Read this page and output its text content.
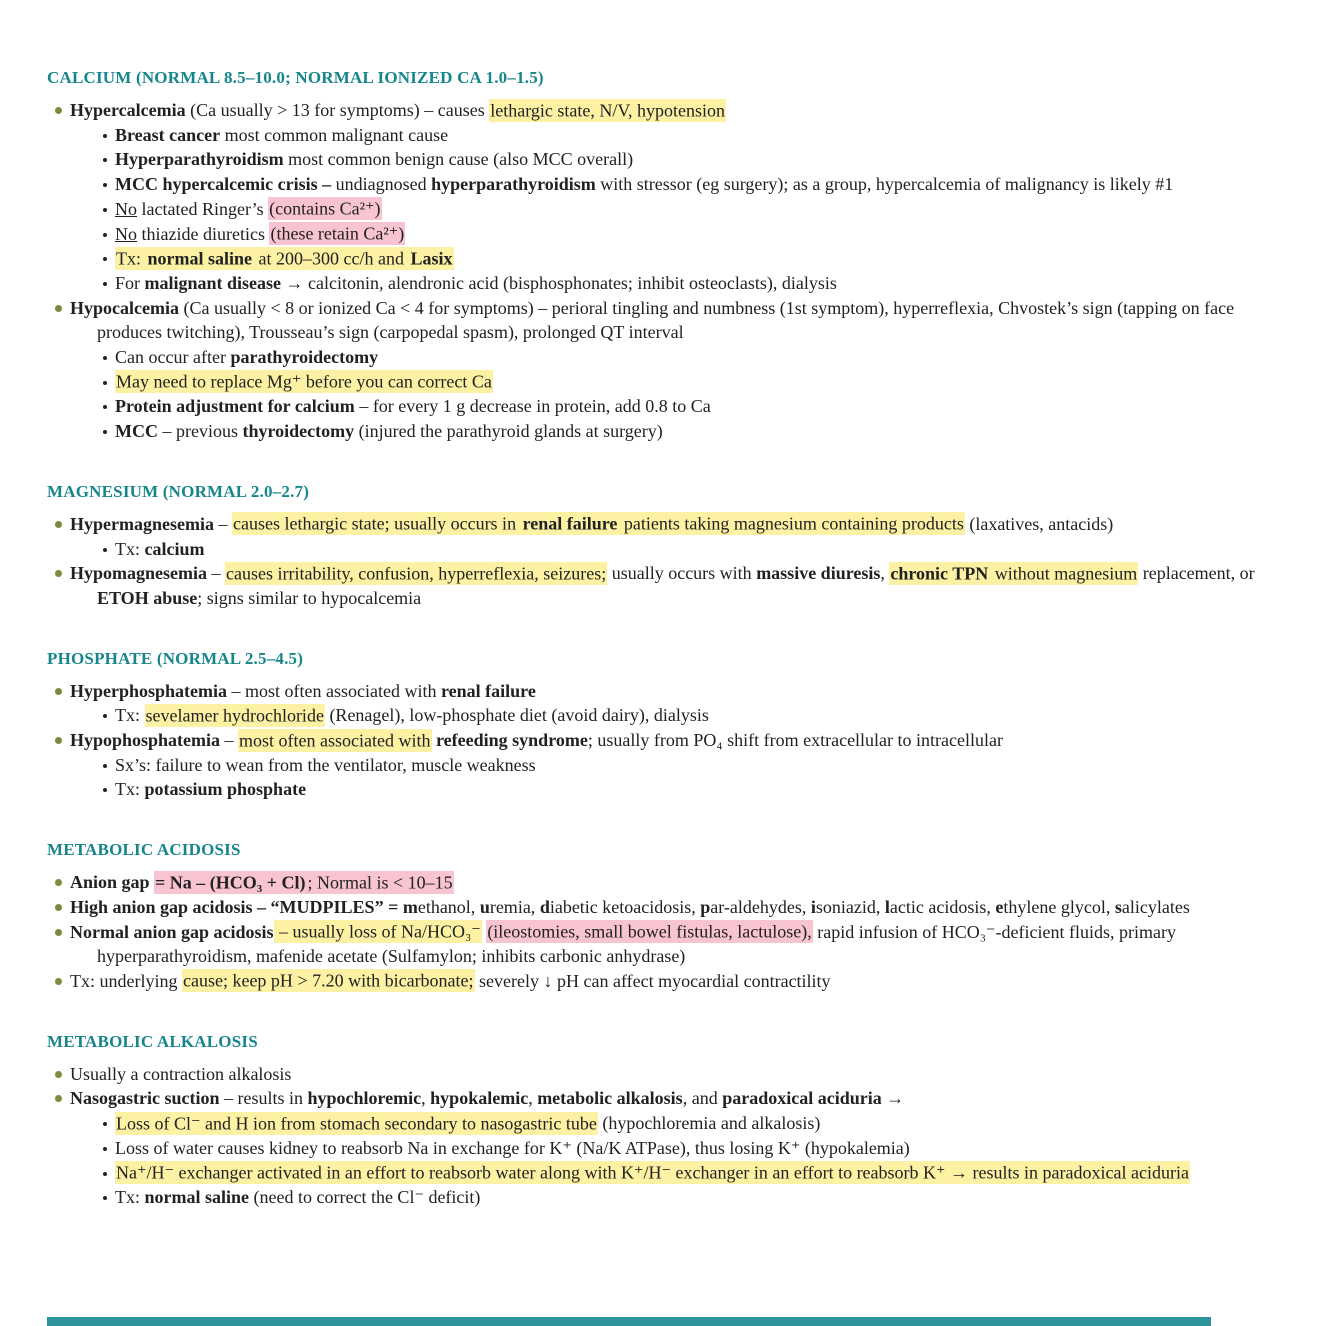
CALCIUM (NORMAL 8.5–10.0; NORMAL IONIZED CA 1.0–1.5)
Hypercalcemia (Ca usually > 13 for symptoms) – causes lethargic state, N/V, hypotension
Breast cancer most common malignant cause
Hyperparathyroidism most common benign cause (also MCC overall)
MCC hypercalcemic crisis – undiagnosed hyperparathyroidism with stressor (eg surgery); as a group, hypercalcemia of malignancy is likely #1
No lactated Ringer’s (contains Ca²⁺)
No thiazide diuretics (these retain Ca²⁺)
Tx: normal saline at 200–300 cc/h and Lasix
For malignant disease → calcitonin, alendronic acid (bisphosphonates; inhibit osteoclasts), dialysis
Hypocalcemia (Ca usually < 8 or ionized Ca < 4 for symptoms) – perioral tingling and numbness (1st symptom), hyperreflexia, Chvostek’s sign (tapping on face produces twitching), Trousseau’s sign (carpopedal spasm), prolonged QT interval
Can occur after parathyroidectomy
May need to replace Mg⁺ before you can correct Ca
Protein adjustment for calcium – for every 1 g decrease in protein, add 0.8 to Ca
MCC – previous thyroidectomy (injured the parathyroid glands at surgery)
MAGNESIUM (NORMAL 2.0–2.7)
Hypermagnesemia – causes lethargic state; usually occurs in renal failure patients taking magnesium containing products (laxatives, antacids)
Tx: calcium
Hypomagnesemia – causes irritability, confusion, hyperreflexia, seizures; usually occurs with massive diuresis, chronic TPN without magnesium replacement, or ETOH abuse; signs similar to hypocalcemia
PHOSPHATE (NORMAL 2.5–4.5)
Hyperphosphatemia – most often associated with renal failure
Tx: sevelamer hydrochloride (Renagel), low-phosphate diet (avoid dairy), dialysis
Hypophosphatemia – most often associated with refeeding syndrome; usually from PO₄ shift from extracellular to intracellular
Sx’s: failure to wean from the ventilator, muscle weakness
Tx: potassium phosphate
METABOLIC ACIDOSIS
Anion gap = Na – (HCO₃ + Cl) ; Normal is < 10–15
High anion gap acidosis – “MUDPILES” = methanol, uremia, diabetic ketoacidosis, par-aldehydes, isoniazid, lactic acidosis, ethylene glycol, salicylates
Normal anion gap acidosis – usually loss of Na/HCO₃⁻ (ileostomies, small bowel fistulas, lactulose), rapid infusion of HCO₃⁻-deficient fluids, primary hyperparathyroidism, mafenide acetate (Sulfamylon; inhibits carbonic anhydrase)
Tx: underlying cause; keep pH > 7.20 with bicarbonate; severely ↓ pH can affect myocardial contractility
METABOLIC ALKALOSIS
Usually a contraction alkalosis
Nasogastric suction – results in hypochloremic, hypokalemic, metabolic alkalosis, and paradoxical aciduria →
Loss of Cl⁻ and H ion from stomach secondary to nasogastric tube (hypochloremia and alkalosis)
Loss of water causes kidney to reabsorb Na in exchange for K⁺ (Na/K ATPase), thus losing K⁺ (hypokalemia)
Na⁺/H⁻ exchanger activated in an effort to reabsorb water along with K⁺/H⁻ exchanger in an effort to reabsorb K⁺ → results in paradoxical aciduria
Tx: normal saline (need to correct the Cl⁻ deficit)
